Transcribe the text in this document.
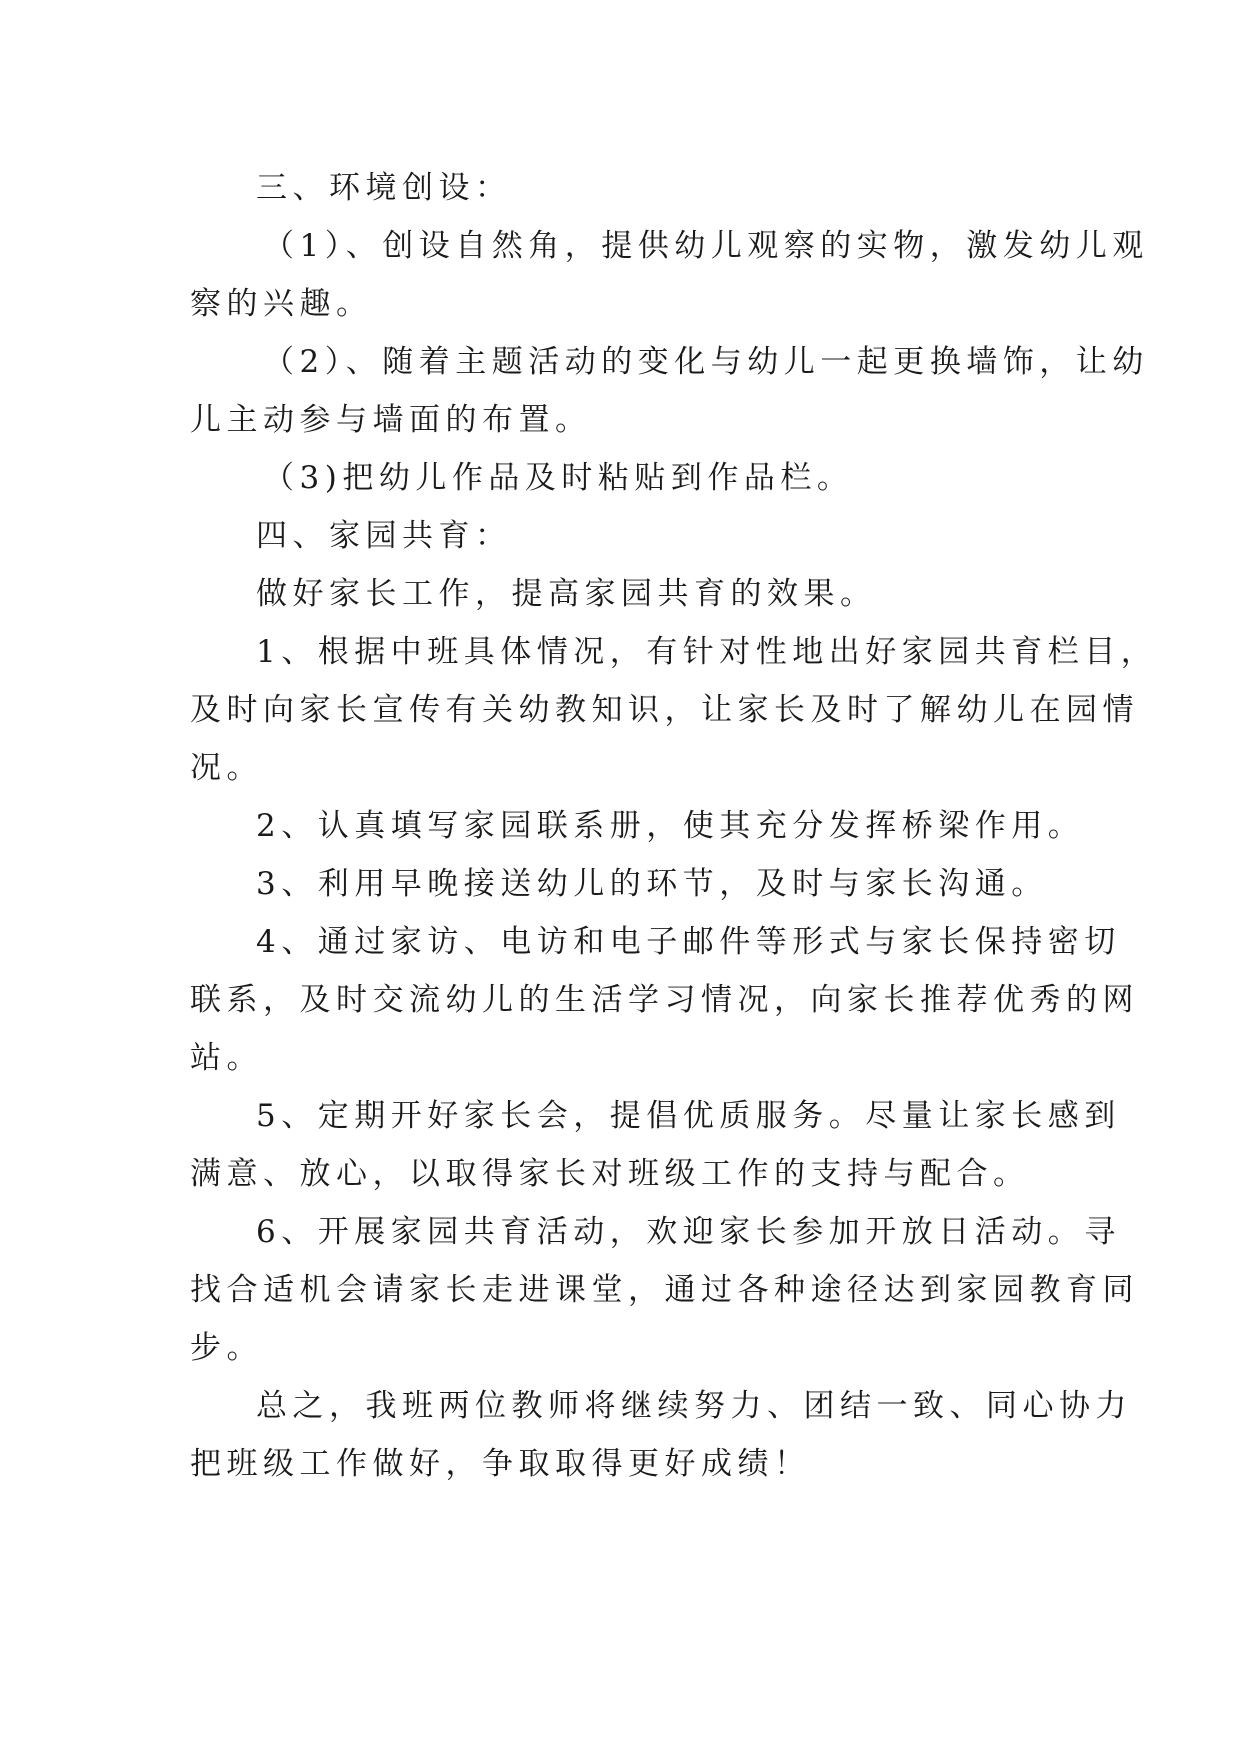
三、环境创设：
（1）、创设自然角，提供幼儿观察的实物，激发幼儿观
察的兴趣。
（2）、随着主题活动的变化与幼儿一起更换墙饰，让幼
儿主动参与墙面的布置。
（3)把幼儿作品及时粘贴到作品栏。
四、家园共育：
做好家长工作，提高家园共育的效果。
1、根据中班具体情况，有针对性地出好家园共育栏目，
及时向家长宣传有关幼教知识，让家长及时了解幼儿在园情
况。
2、认真填写家园联系册，使其充分发挥桥梁作用。
3、利用早晚接送幼儿的环节，及时与家长沟通。
4、通过家访、电访和电子邮件等形式与家长保持密切
联系，及时交流幼儿的生活学习情况，向家长推荐优秀的网
站。
5、定期开好家长会，提倡优质服务。尽量让家长感到
满意、放心，以取得家长对班级工作的支持与配合。
6、开展家园共育活动，欢迎家长参加开放日活动。寻
找合适机会请家长走进课堂，通过各种途径达到家园教育同
步。
总之，我班两位教师将继续努力、团结一致、同心协力
把班级工作做好，争取取得更好成绩！
